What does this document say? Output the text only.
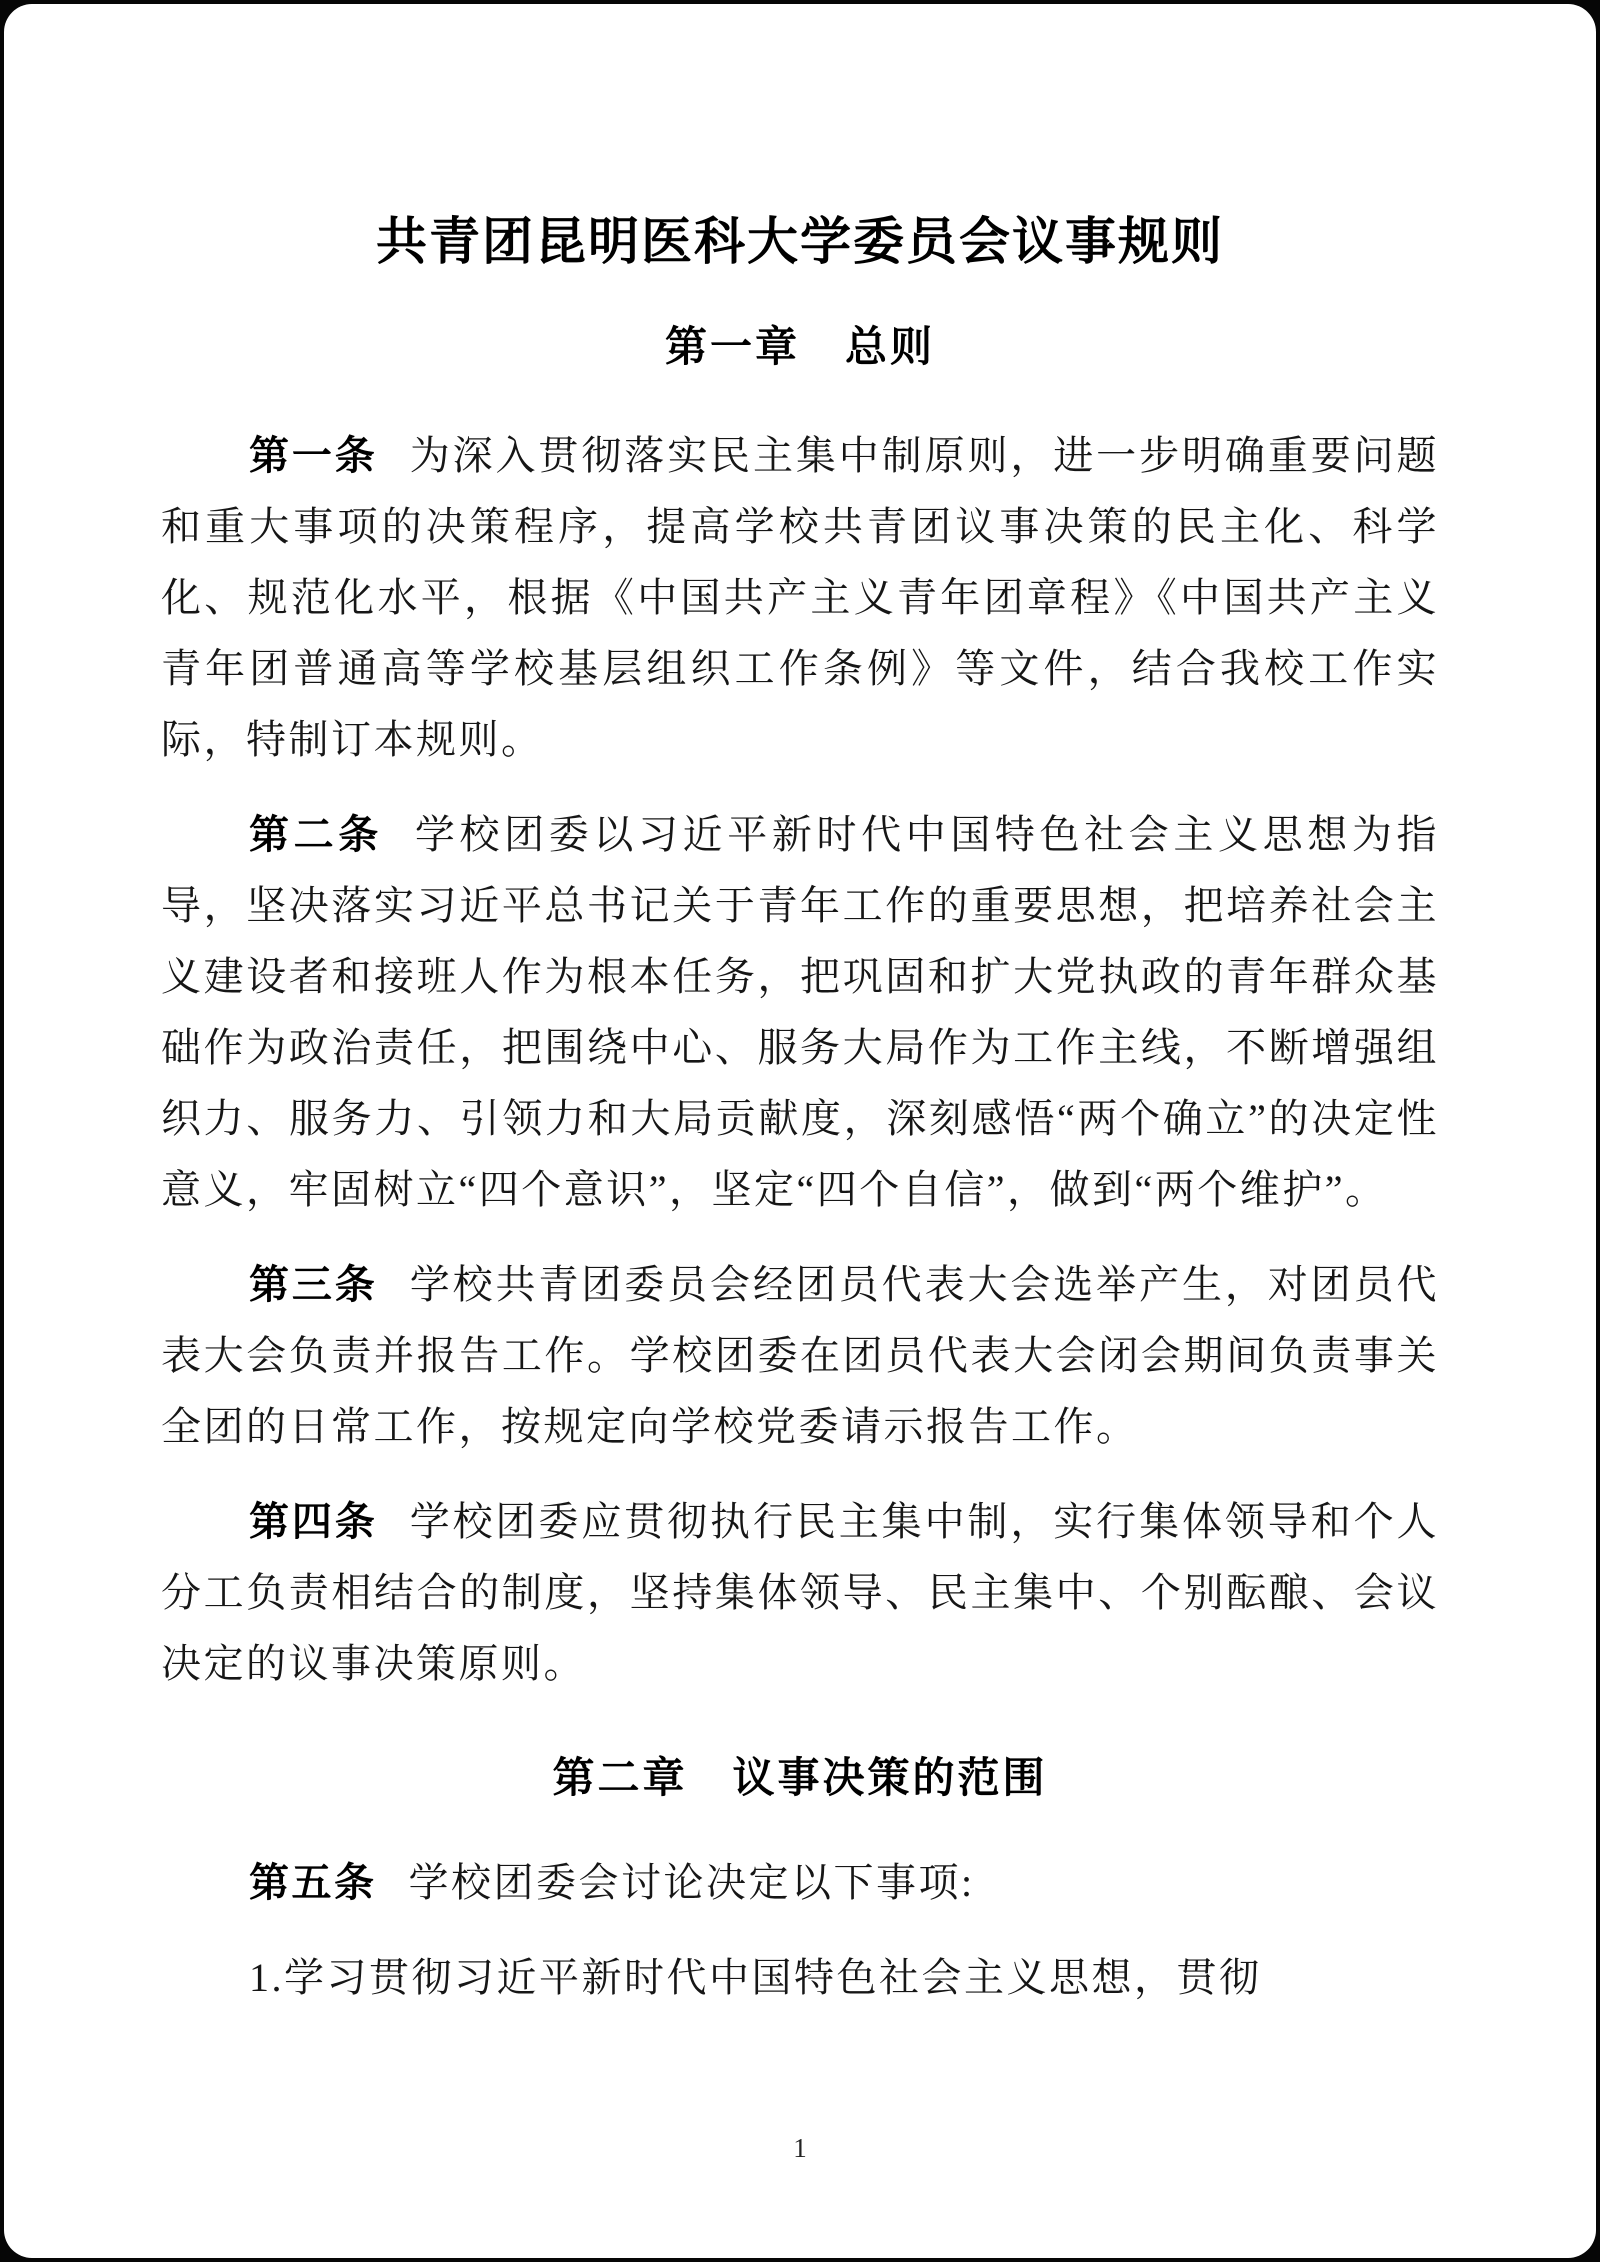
共青团昆明医科大学委员会议事规则
第一章　总则

第一条 为深入贯彻落实民主集中制原则，进一步明确重要问题和重大事项的决策程序，提高学校共青团议事决策的民主化、科学化、规范化水平，根据《中国共产主义青年团章程》《中国共产主义青年团普通高等学校基层组织工作条例》等文件，结合我校工作实际，特制订本规则。

第二条 学校团委以习近平新时代中国特色社会主义思想为指导，坚决落实习近平总书记关于青年工作的重要思想，把培养社会主义建设者和接班人作为根本任务，把巩固和扩大党执政的青年群众基础作为政治责任，把围绕中心、服务大局作为工作主线，不断增强组织力、服务力、引领力和大局贡献度，深刻感悟“两个确立”的决定性意义，牢固树立“四个意识”，坚定“四个自信”，做到“两个维护”。

第三条 学校共青团委员会经团员代表大会选举产生，对团员代表大会负责并报告工作。学校团委在团员代表大会闭会期间负责事关全团的日常工作，按规定向学校党委请示报告工作。

第四条 学校团委应贯彻执行民主集中制，实行集体领导和个人分工负责相结合的制度，坚持集体领导、民主集中、个别酝酿、会议决定的议事决策原则。

第二章　议事决策的范围

第五条 学校团委会讨论决定以下事项:

1.学习贯彻习近平新时代中国特色社会主义思想，贯彻

1
